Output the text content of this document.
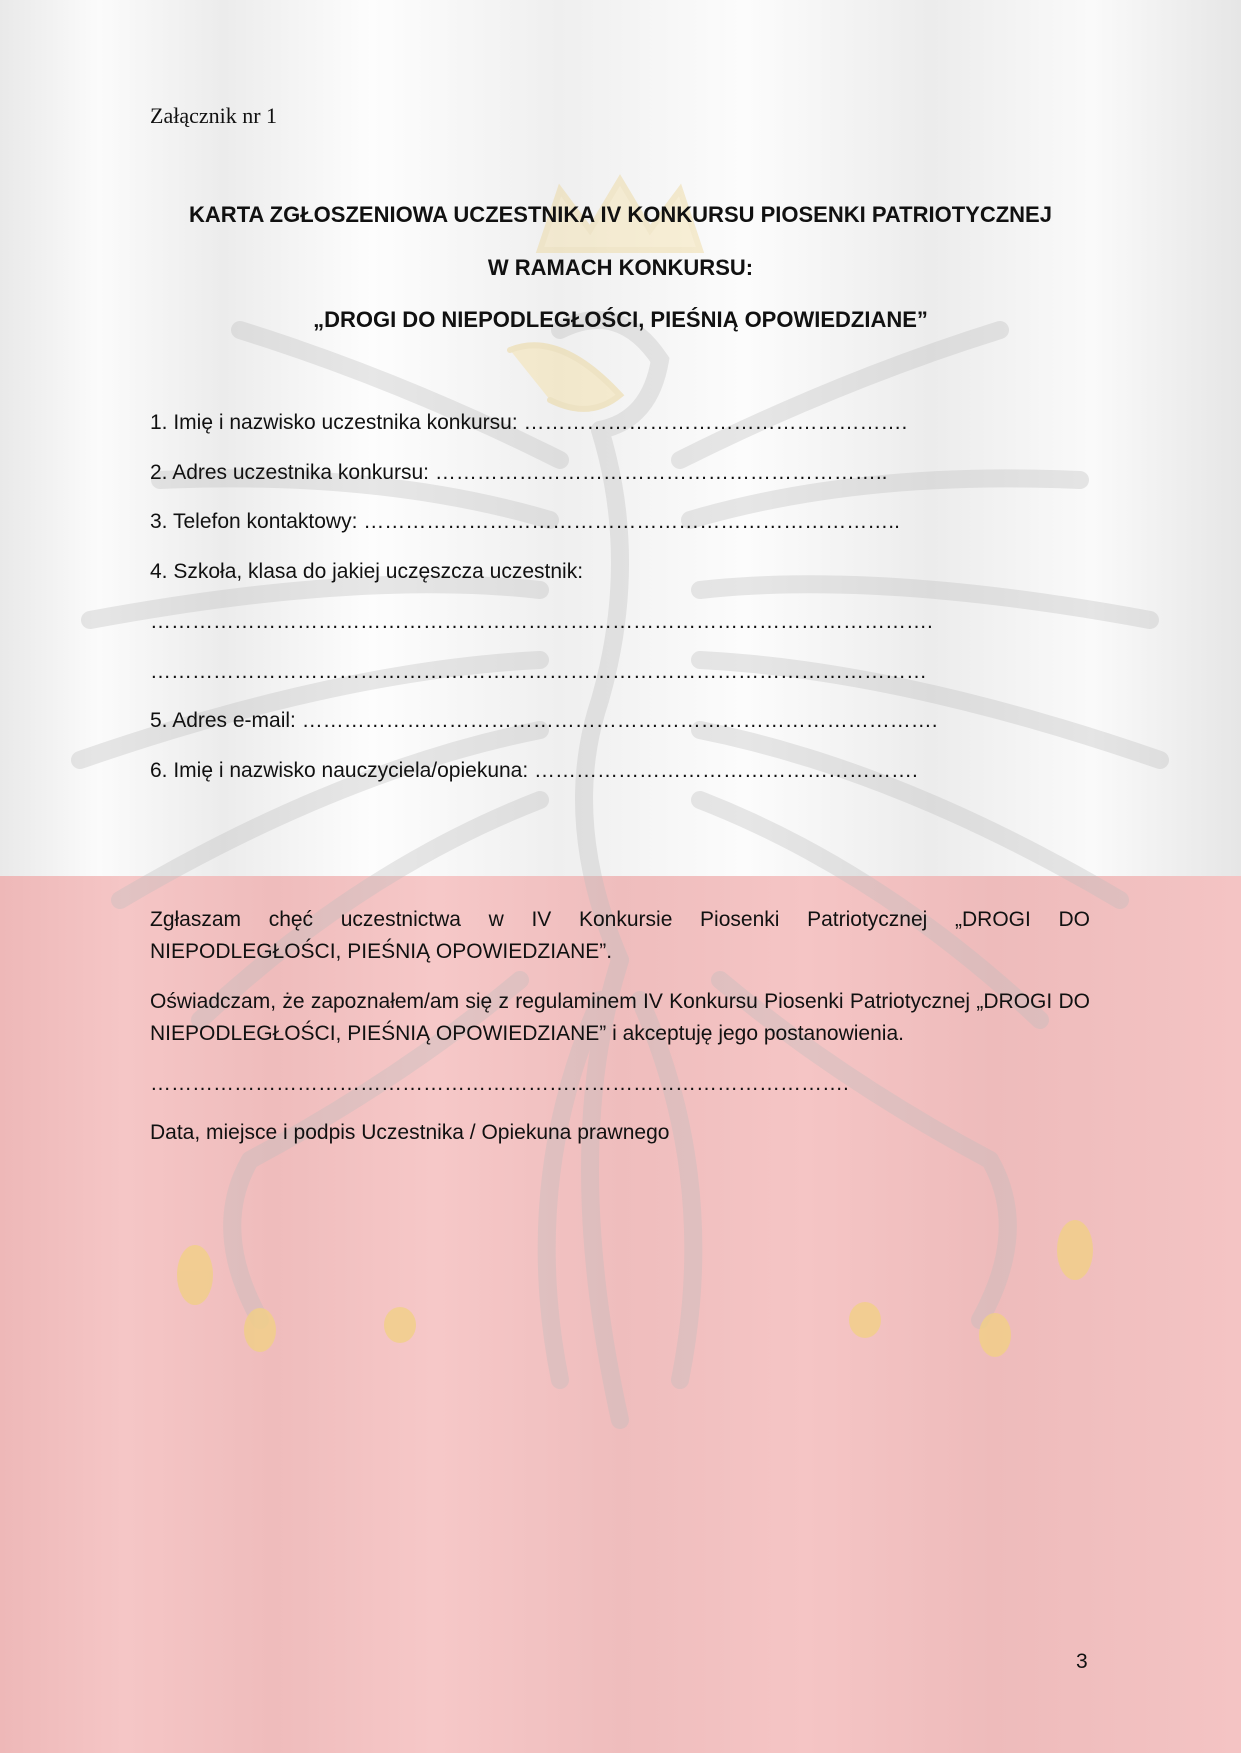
Załącznik nr 1
KARTA ZGŁOSZENIOWA UCZESTNIKA IV KONKURSU PIOSENKI PATRIOTYCZNEJ
W RAMACH KONKURSU:
„DROGI DO NIEPODLEGŁOŚCI, PIEŚNIĄ OPOWIEDZIANE”
1. Imię i nazwisko uczestnika konkursu: ……………………………………………….
2. Adres uczestnika konkursu: ………………………………………………………..
3. Telefon kontaktowy: …………………………………………………………………..
4. Szkoła, klasa do jakiej uczęszcza uczestnik:
………………………………………………………………………………………………….
…………………………………………………………………………………………………
5. Adres e-mail: ……………………………………………………………………………….
6. Imię i nazwisko nauczyciela/opiekuna: ……………………………………………….
Zgłaszam chęć uczestnictwa w IV Konkursie Piosenki Patriotycznej „DROGI DO NIEPODLEGŁOŚCI, PIEŚNIĄ OPOWIEDZIANE”.
Oświadczam, że zapoznałem/am się z regulaminem IV Konkursu Piosenki Patriotycznej „DROGI DO NIEPODLEGŁOŚCI, PIEŚNIĄ OPOWIEDZIANE” i akceptuję jego postanowienia.
……………………………………………………………………………………….
Data, miejsce i podpis Uczestnika / Opiekuna prawnego
3
